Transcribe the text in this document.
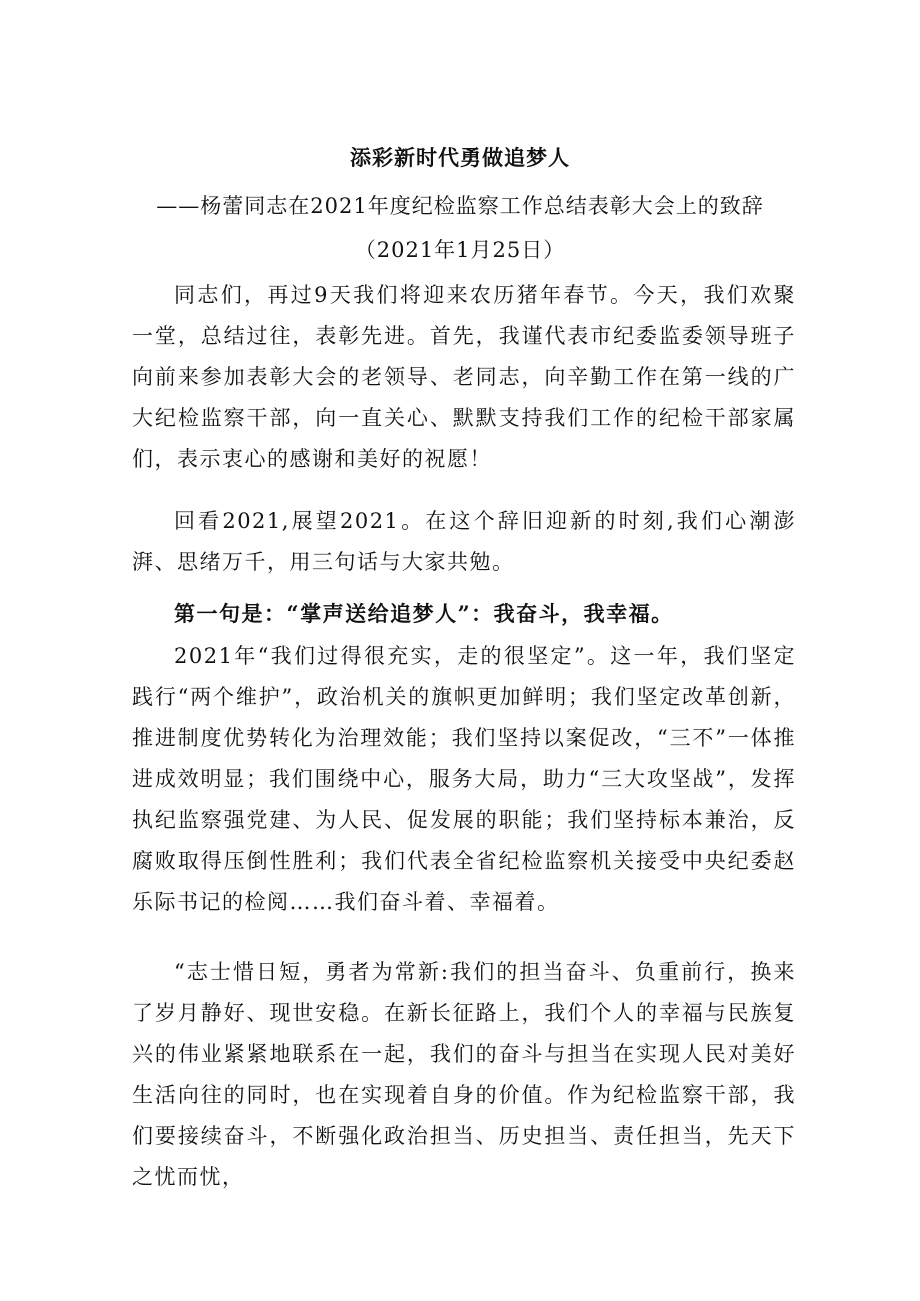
添彩新时代勇做追梦人
——杨蕾同志在2021年度纪检监察工作总结表彰大会上的致辞
（2021年1月25日）

同志们，再过9天我们将迎来农历猪年春节。今天，我们欢聚一堂，总结过往，表彰先进。首先，我谨代表市纪委监委领导班子向前来参加表彰大会的老领导、老同志，向辛勤工作在第一线的广大纪检监察干部，向一直关心、默默支持我们工作的纪检干部家属们，表示衷心的感谢和美好的祝愿！

回看2021,展望2021。在这个辞旧迎新的时刻,我们心潮澎湃、思绪万千，用三句话与大家共勉。

第一句是：“掌声送给追梦人”：我奋斗，我幸福。

2021年“我们过得很充实，走的很坚定”。这一年，我们坚定践行“两个维护”，政治机关的旗帜更加鲜明；我们坚定改革创新，推进制度优势转化为治理效能；我们坚持以案促改，“三不”一体推进成效明显；我们围绕中心，服务大局，助力“三大攻坚战”，发挥执纪监察强党建、为人民、促发展的职能；我们坚持标本兼治，反腐败取得压倒性胜利；我们代表全省纪检监察机关接受中央纪委赵乐际书记的检阅……我们奋斗着、幸福着。

“志士惜日短，勇者为常新:我们的担当奋斗、负重前行，换来了岁月静好、现世安稳。在新长征路上，我们个人的幸福与民族复兴的伟业紧紧地联系在一起，我们的奋斗与担当在实现人民对美好生活向往的同时，也在实现着自身的价值。作为纪检监察干部，我们要接续奋斗，不断强化政治担当、历史担当、责任担当，先天下之忧而忧，
